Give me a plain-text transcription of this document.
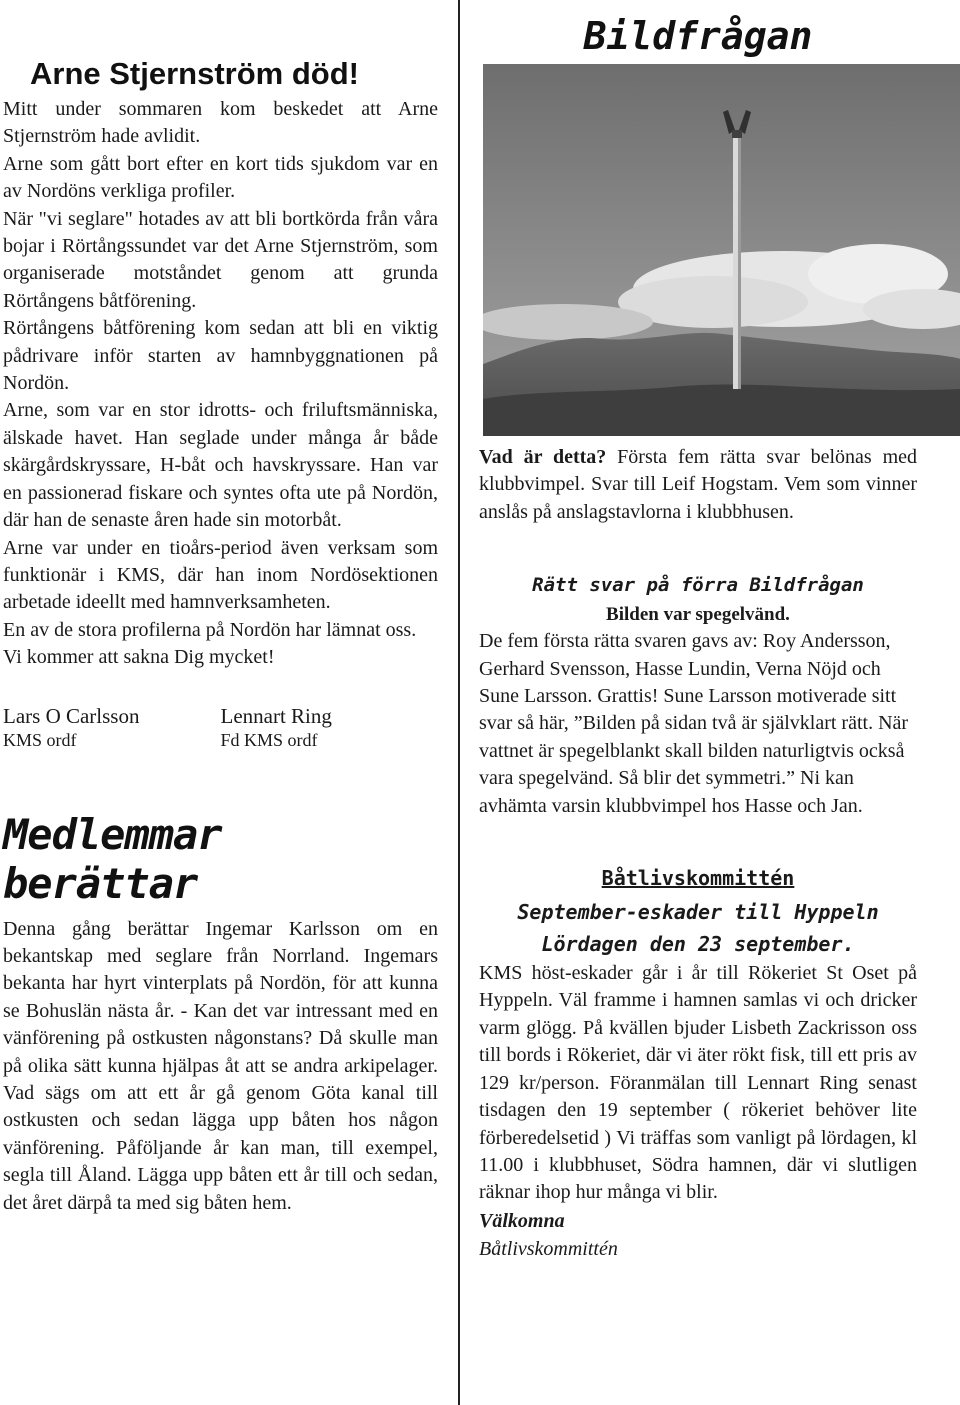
Arne Stjernström död!

Mitt under sommaren kom beskedet att Arne Stjernström hade avlidit.

Arne som gått bort efter en kort tids sjukdom var en av Nordöns verkliga profiler.

När "vi seglare" hotades av att bli bortkörda från våra bojar i Rörtångssundet var det Arne Stjernström, som organiserade motståndet genom att grunda Rörtångens båtförening.

Rörtångens båtförening kom sedan att bli en viktig pådrivare inför starten av hamnbyggnationen på Nordön.

Arne, som var en stor idrotts- och friluftsmänniska, älskade havet. Han seglade under många år både skärgårdskryssare, H-båt och havskryssare. Han var en passionerad fiskare och syntes ofta ute på Nordön, där han de senaste åren hade sin motorbåt.

Arne var under en tioårs-period även verksam som funktionär i KMS, där han inom Nordösektionen arbetade ideellt med hamnverksamheten.

En av de stora profilerna på Nordön har lämnat oss.

Vi kommer att sakna Dig mycket!

Lars O Carlsson
KMS ordf
Lennart Ring
Fd KMS ordf
Medlemmar berättar

Denna gång berättar Ingemar Karlsson om en bekantskap med seglare från Norrland. Ingemars bekanta har hyrt vinterplats på Nordön, för att kunna se Bohuslän nästa år. - Kan det var intressant med en vänförening på ostkusten någonstans? Då skulle man på olika sätt kunna hjälpas åt att se andra arkipelager. Vad sägs om att ett år gå genom Göta kanal till ostkusten och sedan lägga upp båten hos någon vänförening. Påföljande år kan man, till exempel, segla till Åland. Lägga upp båten ett år till och sedan, det året därpå ta med sig båten hem.

Bildfrågan

Vad är detta? Första fem rätta svar belönas med klubbvimpel. Svar till Leif Hogstam. Vem som vinner anslås på anslagstavlorna i klubbhusen.

Rätt svar på förra Bildfrågan
Bilden var spegelvänd.

De fem första rätta svaren gavs av: Roy Andersson, Gerhard Svensson, Hasse Lundin, Verna Nöjd och Sune Larsson. Grattis! Sune Larsson motiverade sitt svar så här, ”Bilden på sidan två är självklart rätt. När vattnet är spegelblankt skall bilden naturligtvis också vara spegelvänd. Så blir det symmetri.” Ni kan avhämta varsin klubbvimpel hos Hasse och Jan.

Båtlivskommittén
September-eskader till Hyppeln
Lördagen den 23 september.

KMS höst-eskader går i år till Rökeriet St Oset på Hyppeln. Väl framme i hamnen samlas vi och dricker varm glögg. På kvällen bjuder Lisbeth Zackrisson oss till bords i Rökeriet, där vi äter rökt fisk, till ett pris av 129 kr/person. Föranmälan till Lennart Ring senast tisdagen den 19 september ( rökeriet behöver lite förberedelsetid ) Vi träffas som vanligt på lördagen, kl 11.00 i klubbhuset, Södra hamnen, där vi slutligen räknar ihop hur många vi blir.

Välkomna
Båtlivskommittén
